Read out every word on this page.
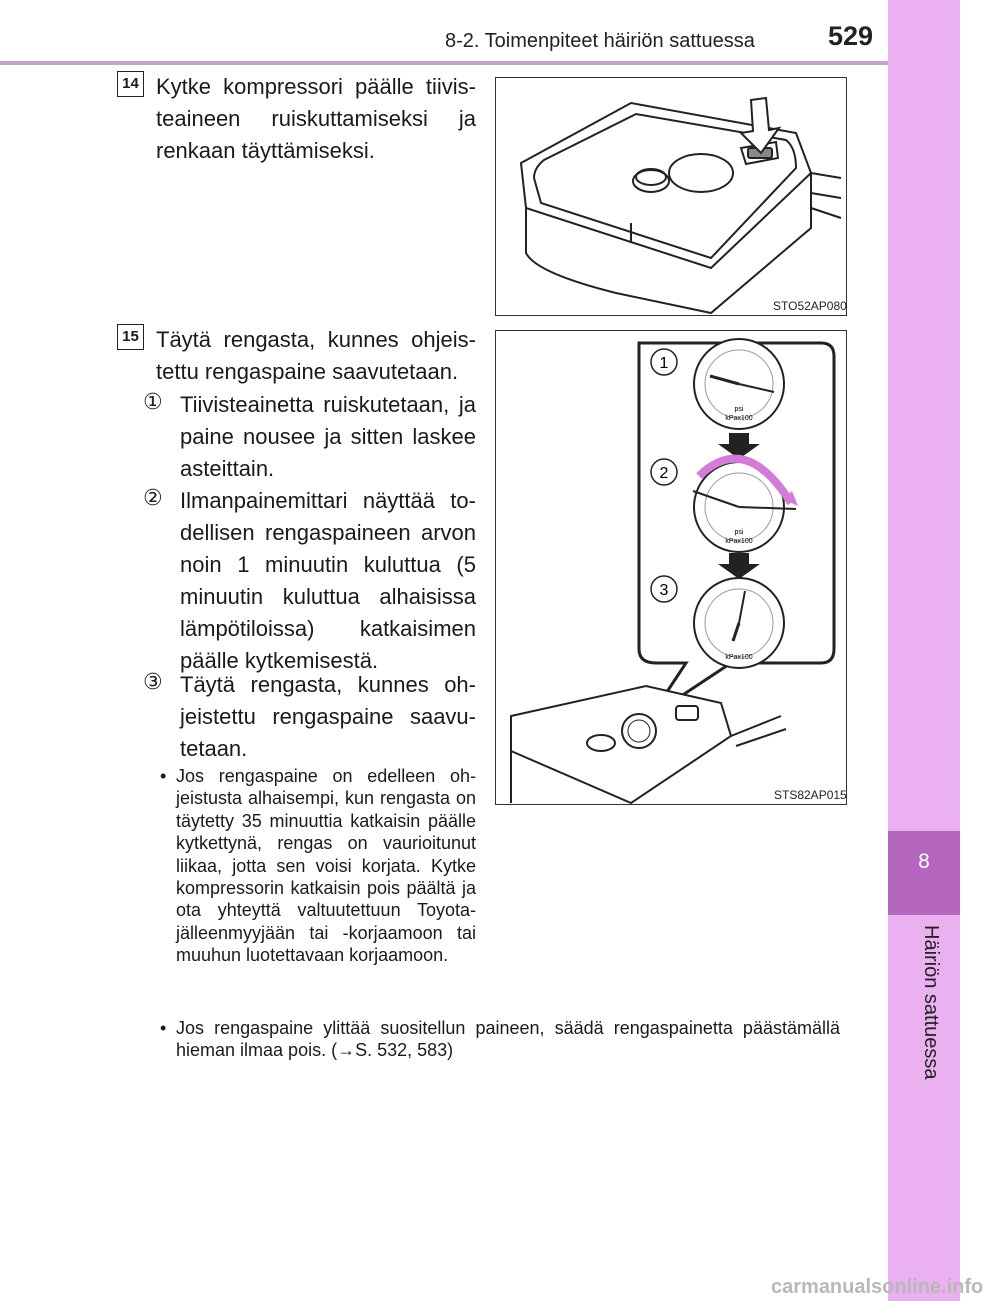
8-2. Toimenpiteet häiriön sattuessa	529
8
Häiriön sattuessa
14 Kytke kompressori päälle tiivisteaineen ruiskuttamiseksi ja renkaan täyttämiseksi.
STO52AP080
15 Täytä rengasta, kunnes ohjeistettu rengaspaine saavutetaan.
① Tiivisteainetta ruiskutetaan, ja paine nousee ja sitten laskee asteittain.
② Ilmanpainemittari näyttää todellisen rengaspaineen arvon noin 1 minuutin kuluttua (5 minuutin kuluttua alhaisissa lämpötiloissa) katkaisimen päälle kytkemisestä.
③ Täytä rengasta, kunnes ohjeistettu rengaspaine saavutetaan.
• Jos rengaspaine on edelleen ohjeistusta alhaisempi, kun rengasta on täytetty 35 minuuttia katkaisin päälle kytkettynä, rengas on vaurioitunut liikaa, jotta sen voisi korjata. Kytke kompressorin katkaisin pois päältä ja ota yhteyttä valtuutettuun Toyota-jälleenmyyjään tai -korjaamoon tai muuhun luotettavaan korjaamoon.
• Jos rengaspaine ylittää suositellun paineen, säädä rengaspainetta päästämällä hieman ilmaa pois. (→S. 532, 583)
1
2
3
psi
kPax100
psi
kPax100
kPax100
STS82AP015
carmanualsonline.info
